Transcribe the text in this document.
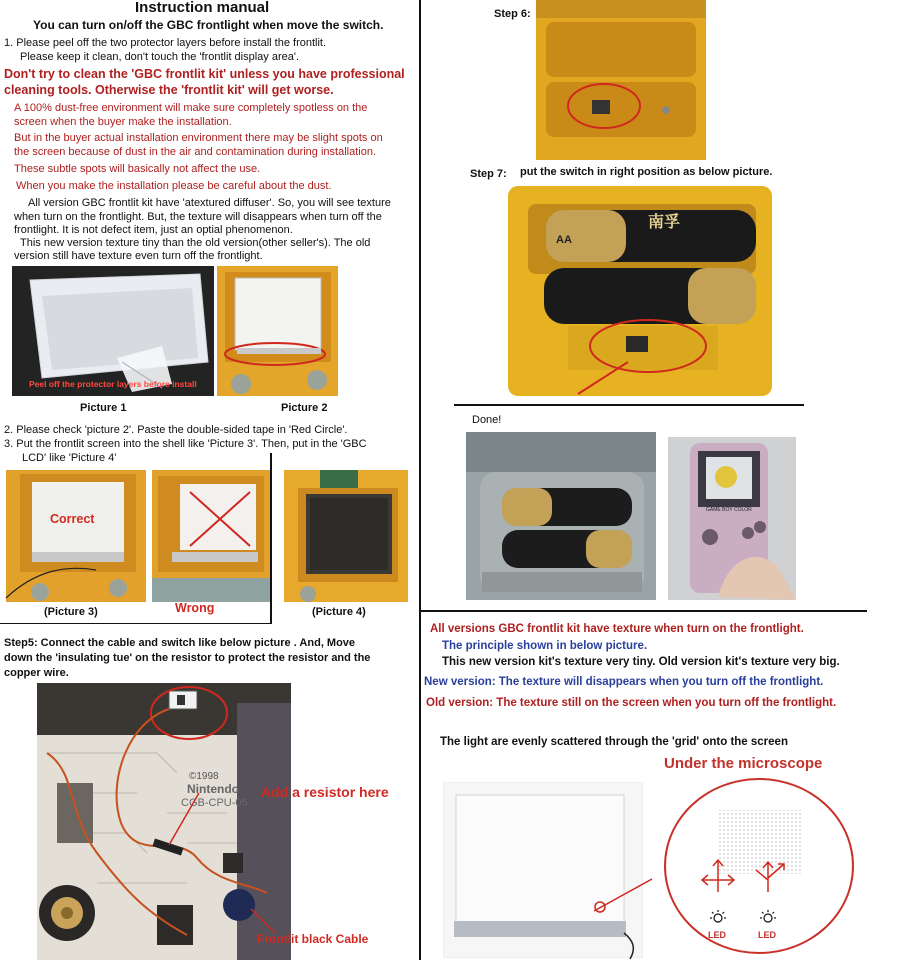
Instruction manual
You can turn on/off the GBC frontlight when move the switch.
1. Please peel off the two protector layers before install the frontlit.
Please keep it clean, don't touch the 'frontlit display area'.
Don't try to clean the 'GBC frontlit kit' unless you have professional
cleaning tools. Otherwise the 'frontlit kit' will get worse.
A 100% dust-free environment will make sure completely spotless on the
screen when the buyer make the installation.
But in the buyer actual installation environment there may be slight spots on
the screen because of dust in the air and contamination during installation.
These subtle spots will basically not affect the use.
When you make the installation please be careful about the dust.
All version GBC frontlit kit have 'atextured diffuser'. So, you will see texture
when turn on the frontlight. But, the texture will disappears when turn off the
frontlight. It is not defect item, just an optial phenomenon.
This new version texture tiny than the old version(other seller's). The old
version still have texture even turn off the frontlight.
Peel off the protector layers before install
Picture 1	Picture 2
2. Please check 'picture 2'. Paste the double-sided tape in 'Red Circle'.
3. Put the frontlit screen into the shell like 'Picture 3'. Then, put in the 'GBC
LCD' like 'Picture 4'
Correct
Wrong
(Picture 3)	(Picture 4)
Step5: Connect the cable and switch like below picture . And, Move
down the 'insulating tue' on the resistor to protect the resistor and the
copper wire.
©1998
Nintendo
CGB-CPU-05
Add a resistor here
Frontlit black Cable
Step 6:
Step 7: put the switch in right position as below picture.
南孚
AA
Done!
GAME BOY COLOR
All versions GBC frontlit kit have texture when turn on the frontlight.
The principle shown in below picture.
This new version kit's texture very tiny. Old version kit's texture very big.
New version: The texture will disappears when you turn off the frontlight.
Old version: The texture still on the screen when you turn off the frontlight.
The light are evenly scattered through the 'grid' onto the screen
Under the microscope
LED	LED
